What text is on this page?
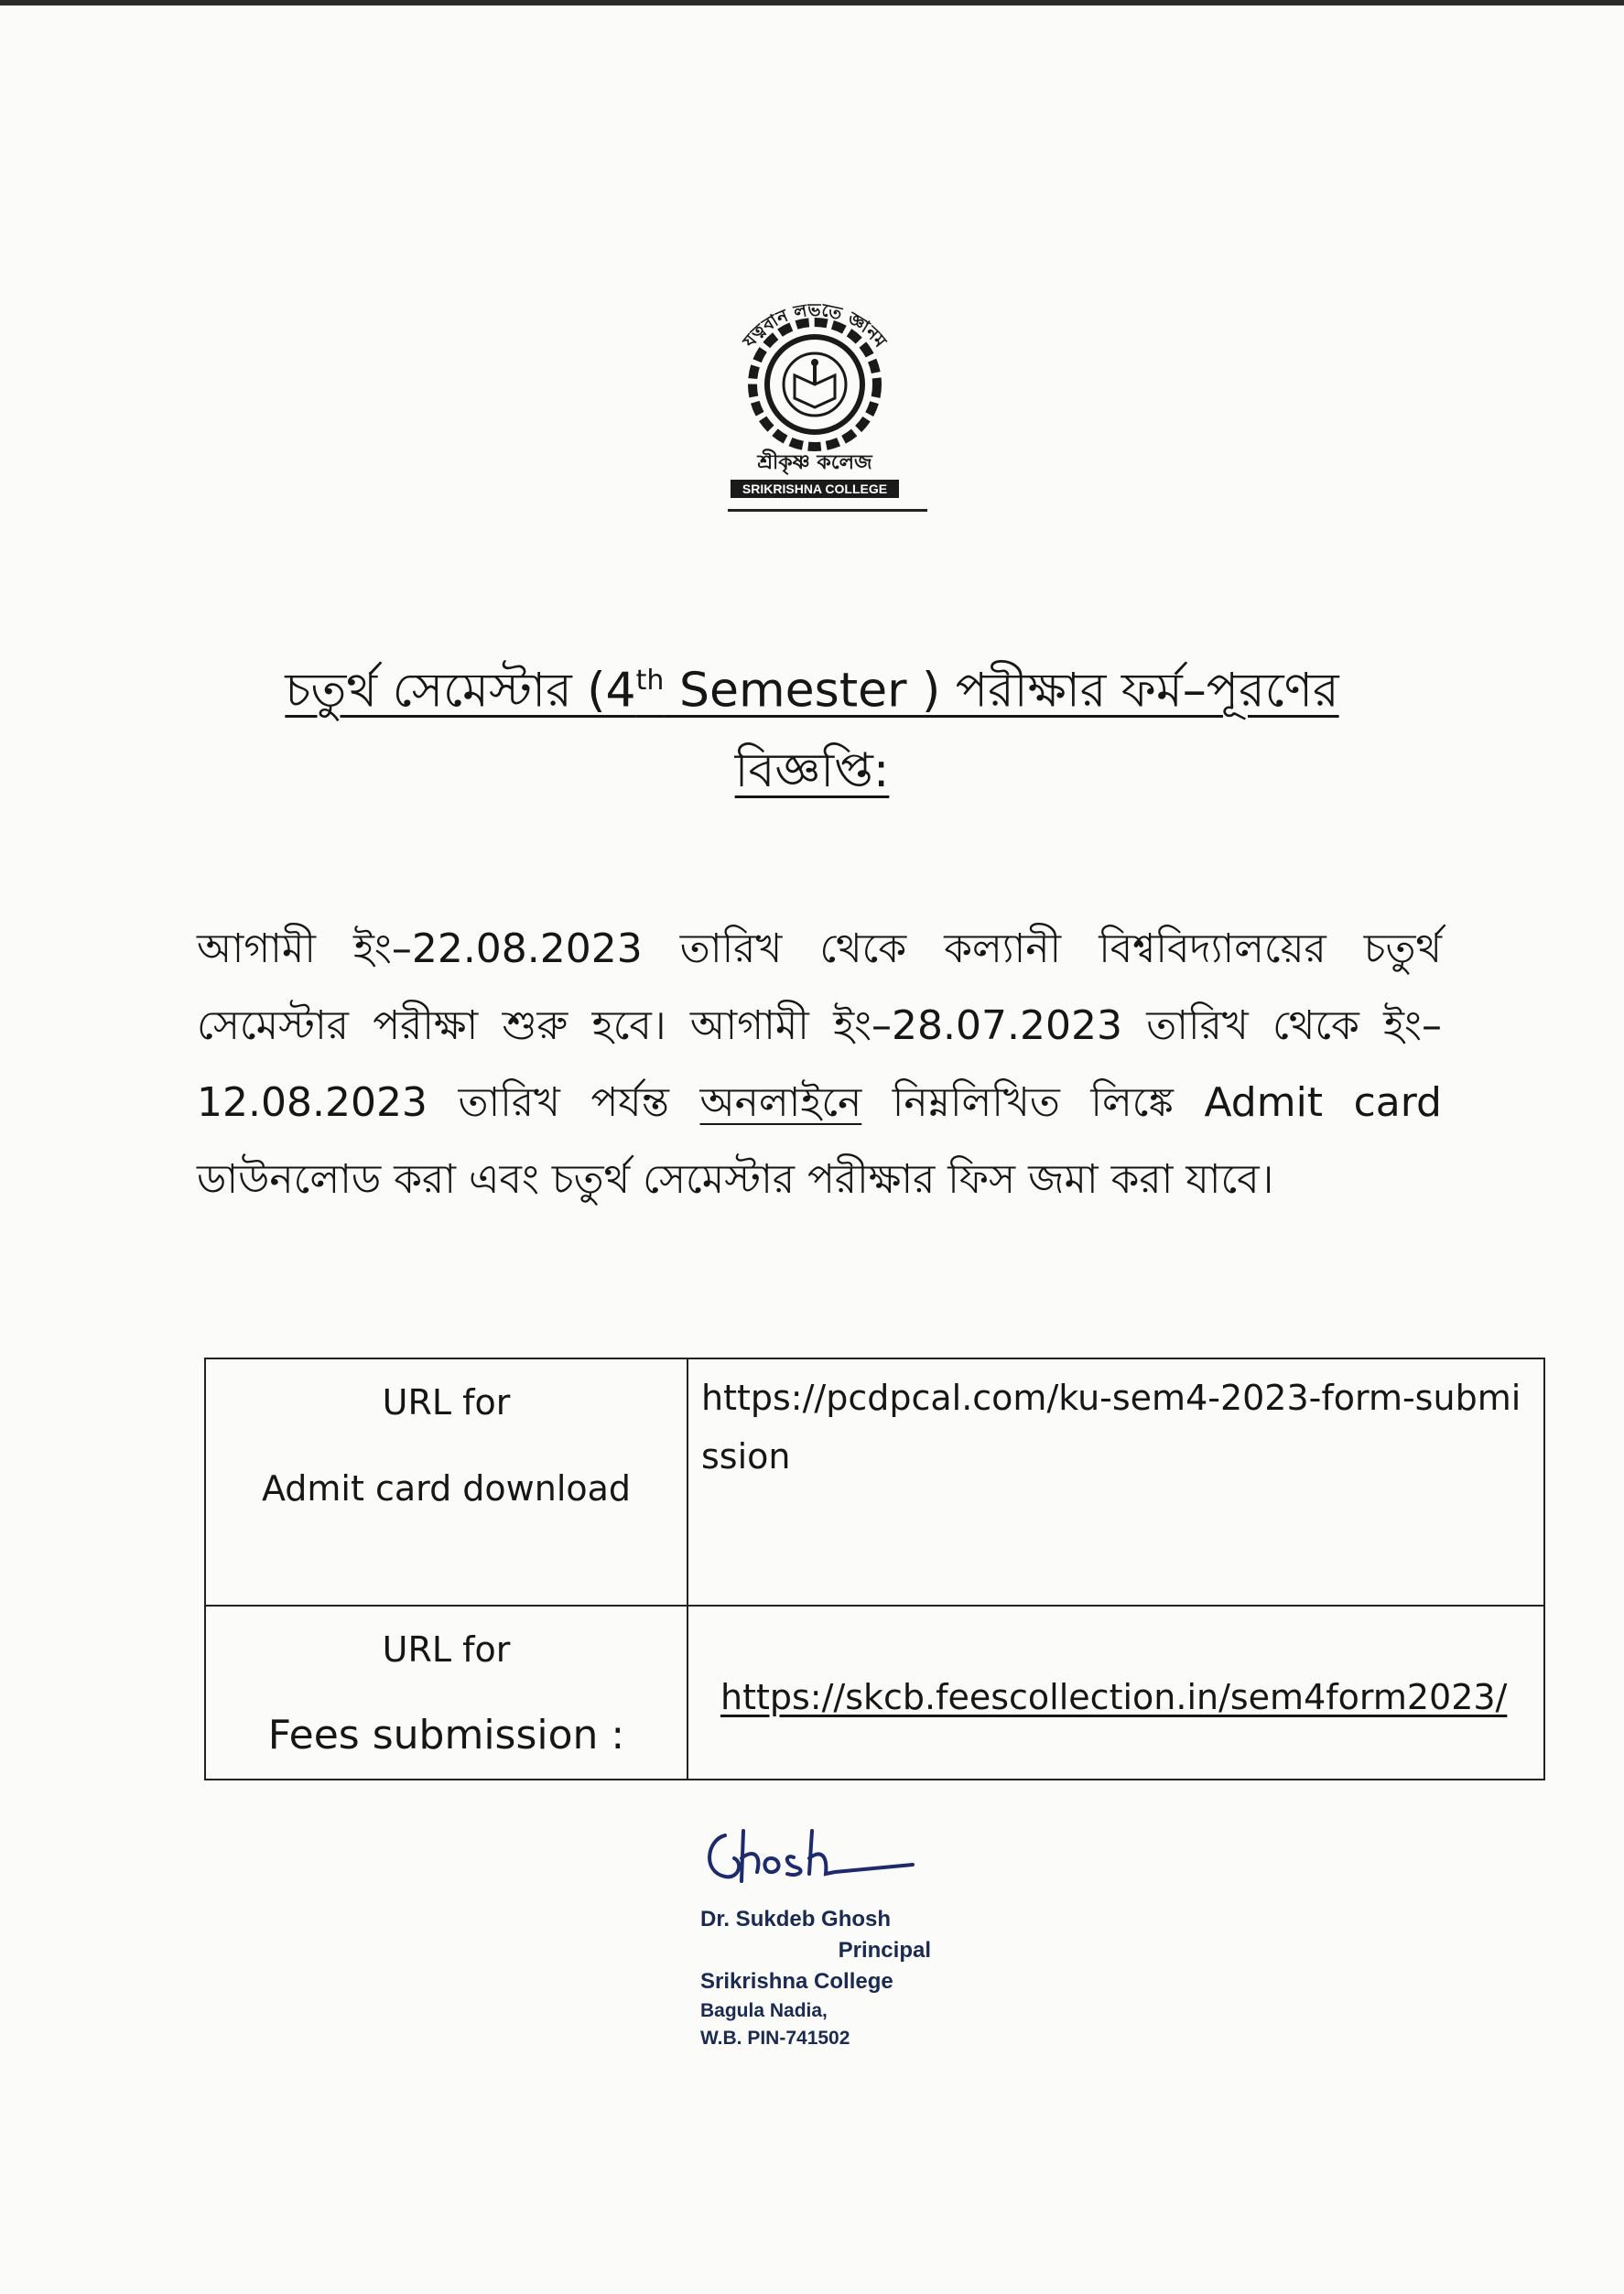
যত্নবান লভতে জ্ঞানম
শ্রীকৃষ্ণ কলেজ
SRIKRISHNA COLLEGE
চতুর্থ সেমেস্টার (4th Semester ) পরীক্ষার ফর্ম–পূরণের
বিজ্ঞপ্তি:
আগামী ইং–22.08.2023 তারিখ থেকে কল্যানী বিশ্ববিদ্যালয়ের চতুর্থ সেমেস্টার পরীক্ষা শুরু হবে। আগামী ইং–28.07.2023 তারিখ থেকে ইং–12.08.2023 তারিখ পর্যন্ত অনলাইনে নিম্নলিখিত লিঙ্কে Admit card ডাউনলোড করা এবং চতুর্থ সেমেস্টার পরীক্ষার ফিস জমা করা যাবে।
URL for
Admit card download	https://pcdpcal.com/ku-sem4-2023-form-submission

URL for
Fees submission :	https://skcb.feescollection.in/sem4form2023/
Dr. Sukdeb Ghosh
Principal
Srikrishna College
Bagula Nadia,
W.B. PIN-741502
